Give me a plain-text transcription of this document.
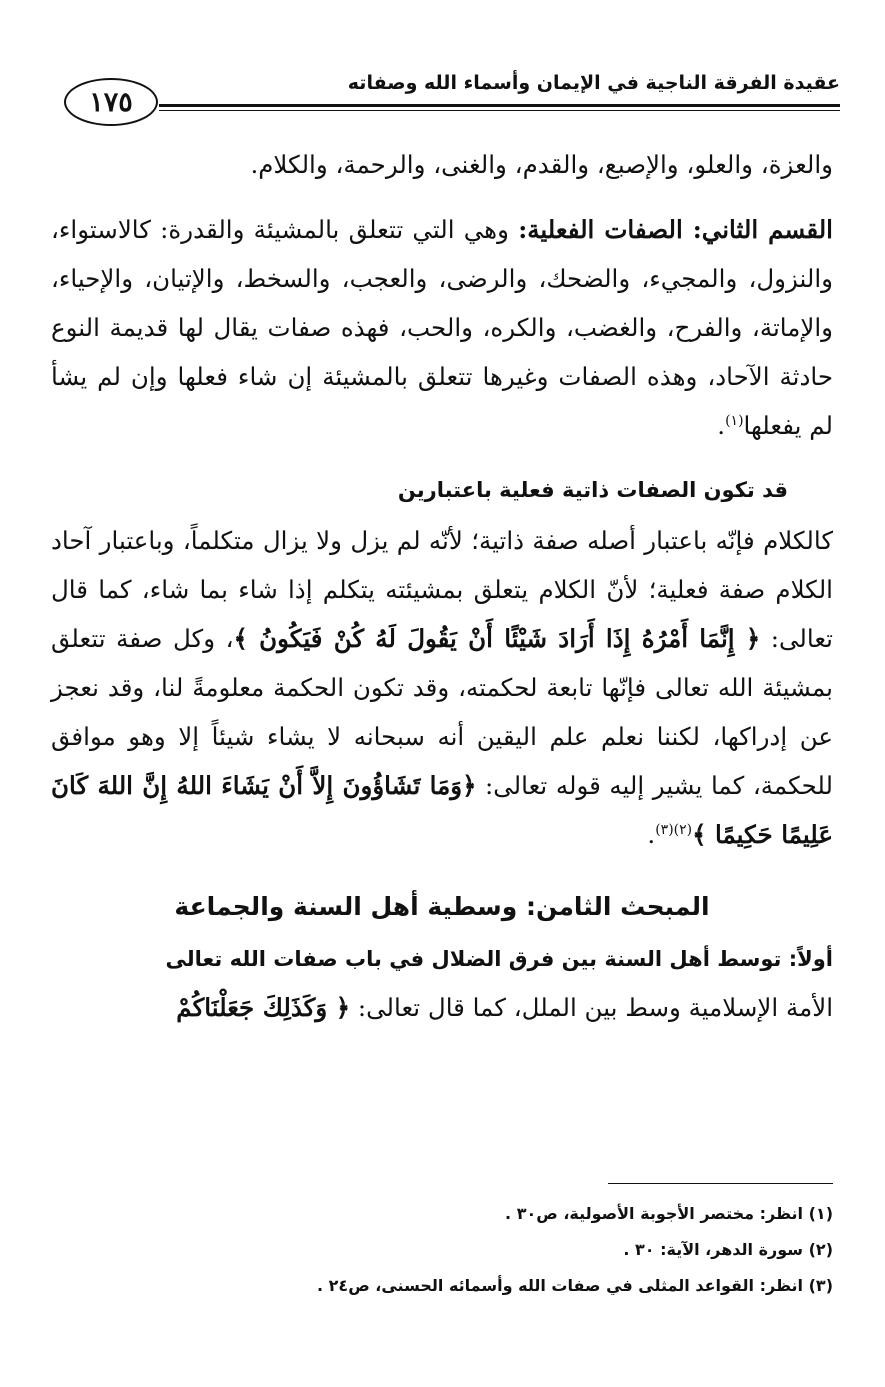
عقيدة الفرقة الناجية في الإيمان وأسماء الله وصفاته
١٧٥

والعزة، والعلو، والإصبع، والقدم، والغنى، والرحمة، والكلام.

القسم الثاني: الصفات الفعلية: وهي التي تتعلق بالمشيئة والقدرة: كالاستواء، والنزول، والمجيء، والضحك، والرضى، والعجب، والسخط، والإتيان، والإحياء، والإماتة، والفرح، والغضب، والكره، والحب، فهذه صفات يقال لها قديمة النوع حادثة الآحاد، وهذه الصفات وغيرها تتعلق بالمشيئة إن شاء فعلها وإن لم يشأ لم يفعلها$^{(١)}$.

قد تكون الصفات ذاتية فعلية باعتبارين

كالكلام فإنّه باعتبار أصله صفة ذاتية؛ لأنّه لم يزل ولا يزال متكلماً، وباعتبار آحاد الكلام صفة فعلية؛ لأنّ الكلام يتعلق بمشيئته يتكلم إذا شاء بما شاء، كما قال تعالى: ﴿ إِنَّمَا أَمْرُهُ إِذَا أَرَادَ شَيْئًا أَنْ يَقُولَ لَهُ كُنْ فَيَكُونُ ﴾، وكل صفة تتعلق بمشيئة الله تعالى فإنّها تابعة لحكمته، وقد تكون الحكمة معلومةً لنا، وقد نعجز عن إدراكها، لكننا نعلم علم اليقين أنه سبحانه لا يشاء شيئاً إلا وهو موافق للحكمة، كما يشير إليه قوله تعالى: ﴿وَمَا تَشَاؤُونَ إِلاَّ أَنْ يَشَاءَ اللهُ إِنَّ اللهَ كَانَ عَلِيمًا حَكِيمًا ﴾$^{(٢)(٣)}$.

المبحث الثامن: وسطية أهل السنة والجماعة
أولاً: توسط أهل السنة بين فرق الضلال في باب صفات الله تعالى

الأمة الإسلامية وسط بين الملل، كما قال تعالى: ﴿ وَكَذَلِكَ جَعَلْنَاكُمْ

(١) انظر: مختصر الأجوبة الأصولية، ص٣٠ .

(٢) سورة الدهر، الآية: ٣٠ .

(٣) انظر: القواعد المثلى في صفات الله وأسمائه الحسنى، ص٢٤ .
